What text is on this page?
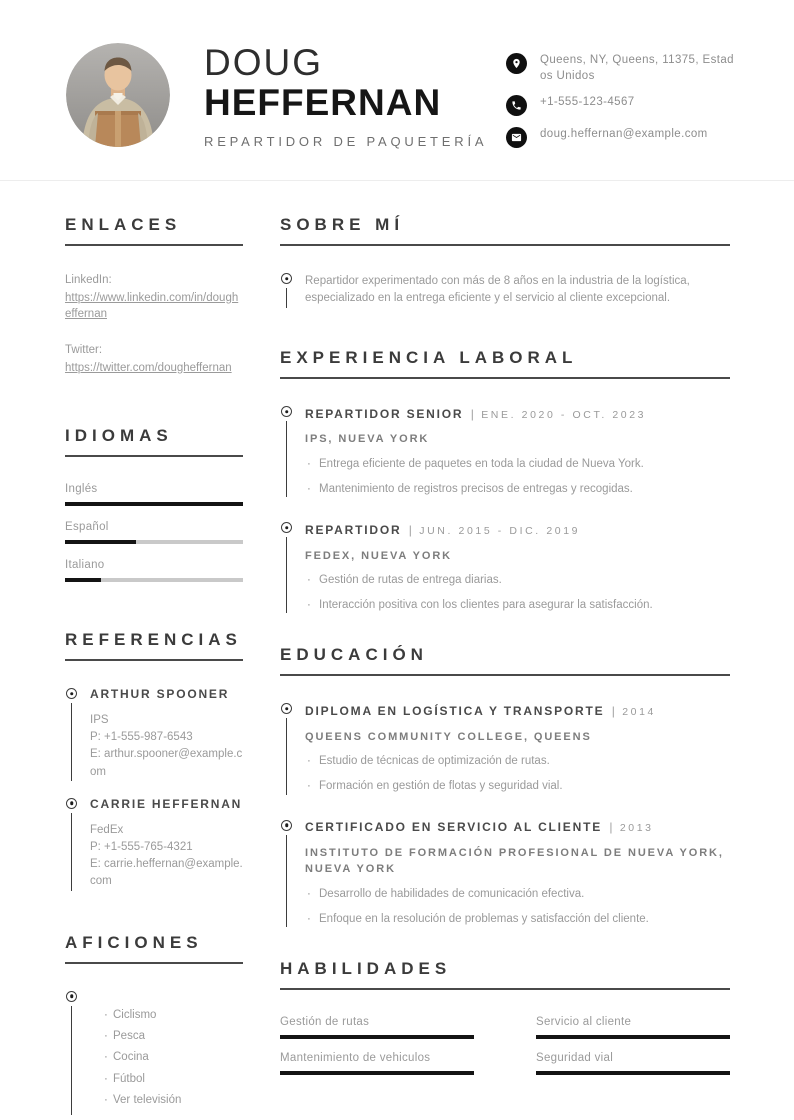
DOUG
HEFFERNAN
REPARTIDOR DE PAQUETERÍA
Queens, NY, Queens, 11375, Estados Unidos
+1-555-123-4567
doug.heffernan@example.com
ENLACES
LinkedIn:
https://www.linkedin.com/in/dougheffernan
Twitter:
https://twitter.com/dougheffernan
IDIOMAS
Inglés
Español
Italiano
REFERENCIAS
ARTHUR SPOONER
IPS
P: +1-555-987-6543
E: arthur.spooner@example.com
CARRIE HEFFERNAN
FedEx
P: +1-555-765-4321
E: carrie.heffernan@example.com
AFICIONES
· Ciclismo
· Pesca
· Cocina
· Fútbol
· Ver televisión
SOBRE MÍ
Repartidor experimentado con más de 8 años en la industria de la logística, especializado en la entrega eficiente y el servicio al cliente excepcional.
EXPERIENCIA LABORAL
REPARTIDOR SENIOR | ENE. 2020 - OCT. 2023
IPS, NUEVA YORK
· Entrega eficiente de paquetes en toda la ciudad de Nueva York.
· Mantenimiento de registros precisos de entregas y recogidas.
REPARTIDOR | JUN. 2015 - DIC. 2019
FEDEX, NUEVA YORK
· Gestión de rutas de entrega diarias.
· Interacción positiva con los clientes para asegurar la satisfacción.
EDUCACIÓN
DIPLOMA EN LOGÍSTICA Y TRANSPORTE | 2014
QUEENS COMMUNITY COLLEGE, QUEENS
· Estudio de técnicas de optimización de rutas.
· Formación en gestión de flotas y seguridad vial.
CERTIFICADO EN SERVICIO AL CLIENTE | 2013
INSTITUTO DE FORMACIÓN PROFESIONAL DE NUEVA YORK, NUEVA YORK
· Desarrollo de habilidades de comunicación efectiva.
· Enfoque en la resolución de problemas y satisfacción del cliente.
HABILIDADES
Gestión de rutas	Servicio al cliente
Mantenimiento de vehiculos	Seguridad vial
